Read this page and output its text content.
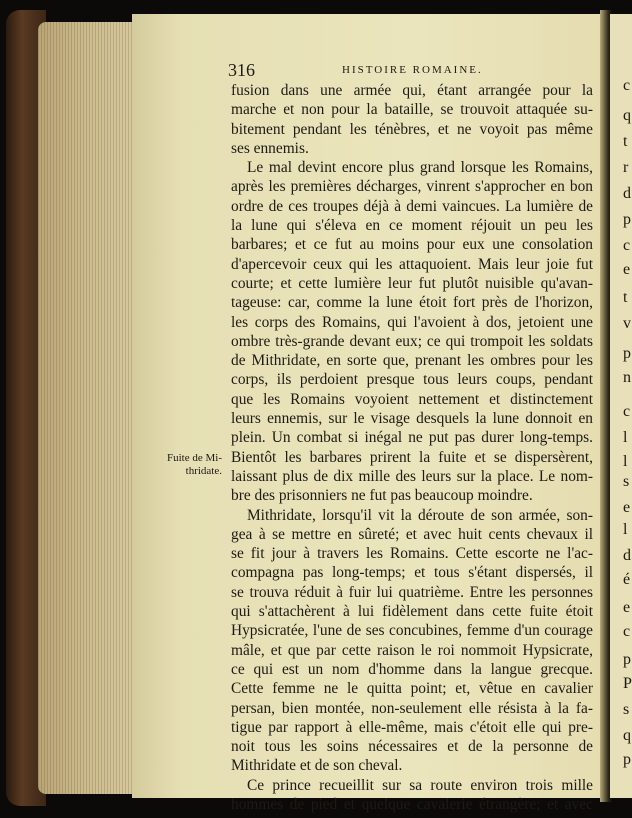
c
q
t
r
d
p
c
e
t
v
p
n
c
l
l
s
e
l
d
é
e
c
p
P
s
q
p
316	HISTOIRE ROMAINE.
Fuite de Mi-
thridate.
fusion dans une armée qui, étant arrangée pour la
marche et non pour la bataille, se trouvoit attaquée su-
bitement pendant les ténèbres, et ne voyoit pas même
ses ennemis.
Le mal devint encore plus grand lorsque les Romains,
après les premières décharges, vinrent s'approcher en bon
ordre de ces troupes déjà à demi vaincues. La lumière de
la lune qui s'éleva en ce moment réjouit un peu les
barbares; et ce fut au moins pour eux une consolation
d'apercevoir ceux qui les attaquoient. Mais leur joie fut
courte; et cette lumière leur fut plutôt nuisible qu'avan-
tageuse: car, comme la lune étoit fort près de l'horizon,
les corps des Romains, qui l'avoient à dos, jetoient une
ombre très-grande devant eux; ce qui trompoit les soldats
de Mithridate, en sorte que, prenant les ombres pour les
corps, ils perdoient presque tous leurs coups, pendant
que les Romains voyoient nettement et distinctement
leurs ennemis, sur le visage desquels la lune donnoit en
plein. Un combat si inégal ne put pas durer long-temps.
Bientôt les barbares prirent la fuite et se dispersèrent,
laissant plus de dix mille des leurs sur la place. Le nom-
bre des prisonniers ne fut pas beaucoup moindre.
Mithridate, lorsqu'il vit la déroute de son armée, son-
gea à se mettre en sûreté; et avec huit cents chevaux il
se fit jour à travers les Romains. Cette escorte ne l'ac-
compagna pas long-temps; et tous s'étant dispersés, il
se trouva réduit à fuir lui quatrième. Entre les personnes
qui s'attachèrent à lui fidèlement dans cette fuite étoit
Hypsicratée, l'une de ses concubines, femme d'un courage
mâle, et que par cette raison le roi nommoit Hypsicrate,
ce qui est un nom d'homme dans la langue grecque.
Cette femme ne le quitta point; et, vêtue en cavalier
persan, bien montée, non-seulement elle résista à la fa-
tigue par rapport à elle-même, mais c'étoit elle qui pre-
noit tous les soins nécessaires et de la personne de
Mithridate et de son cheval.
Ce prince recueillit sur sa route environ trois mille
hommes de pied et quelque cavalerie étrangère; et avec
